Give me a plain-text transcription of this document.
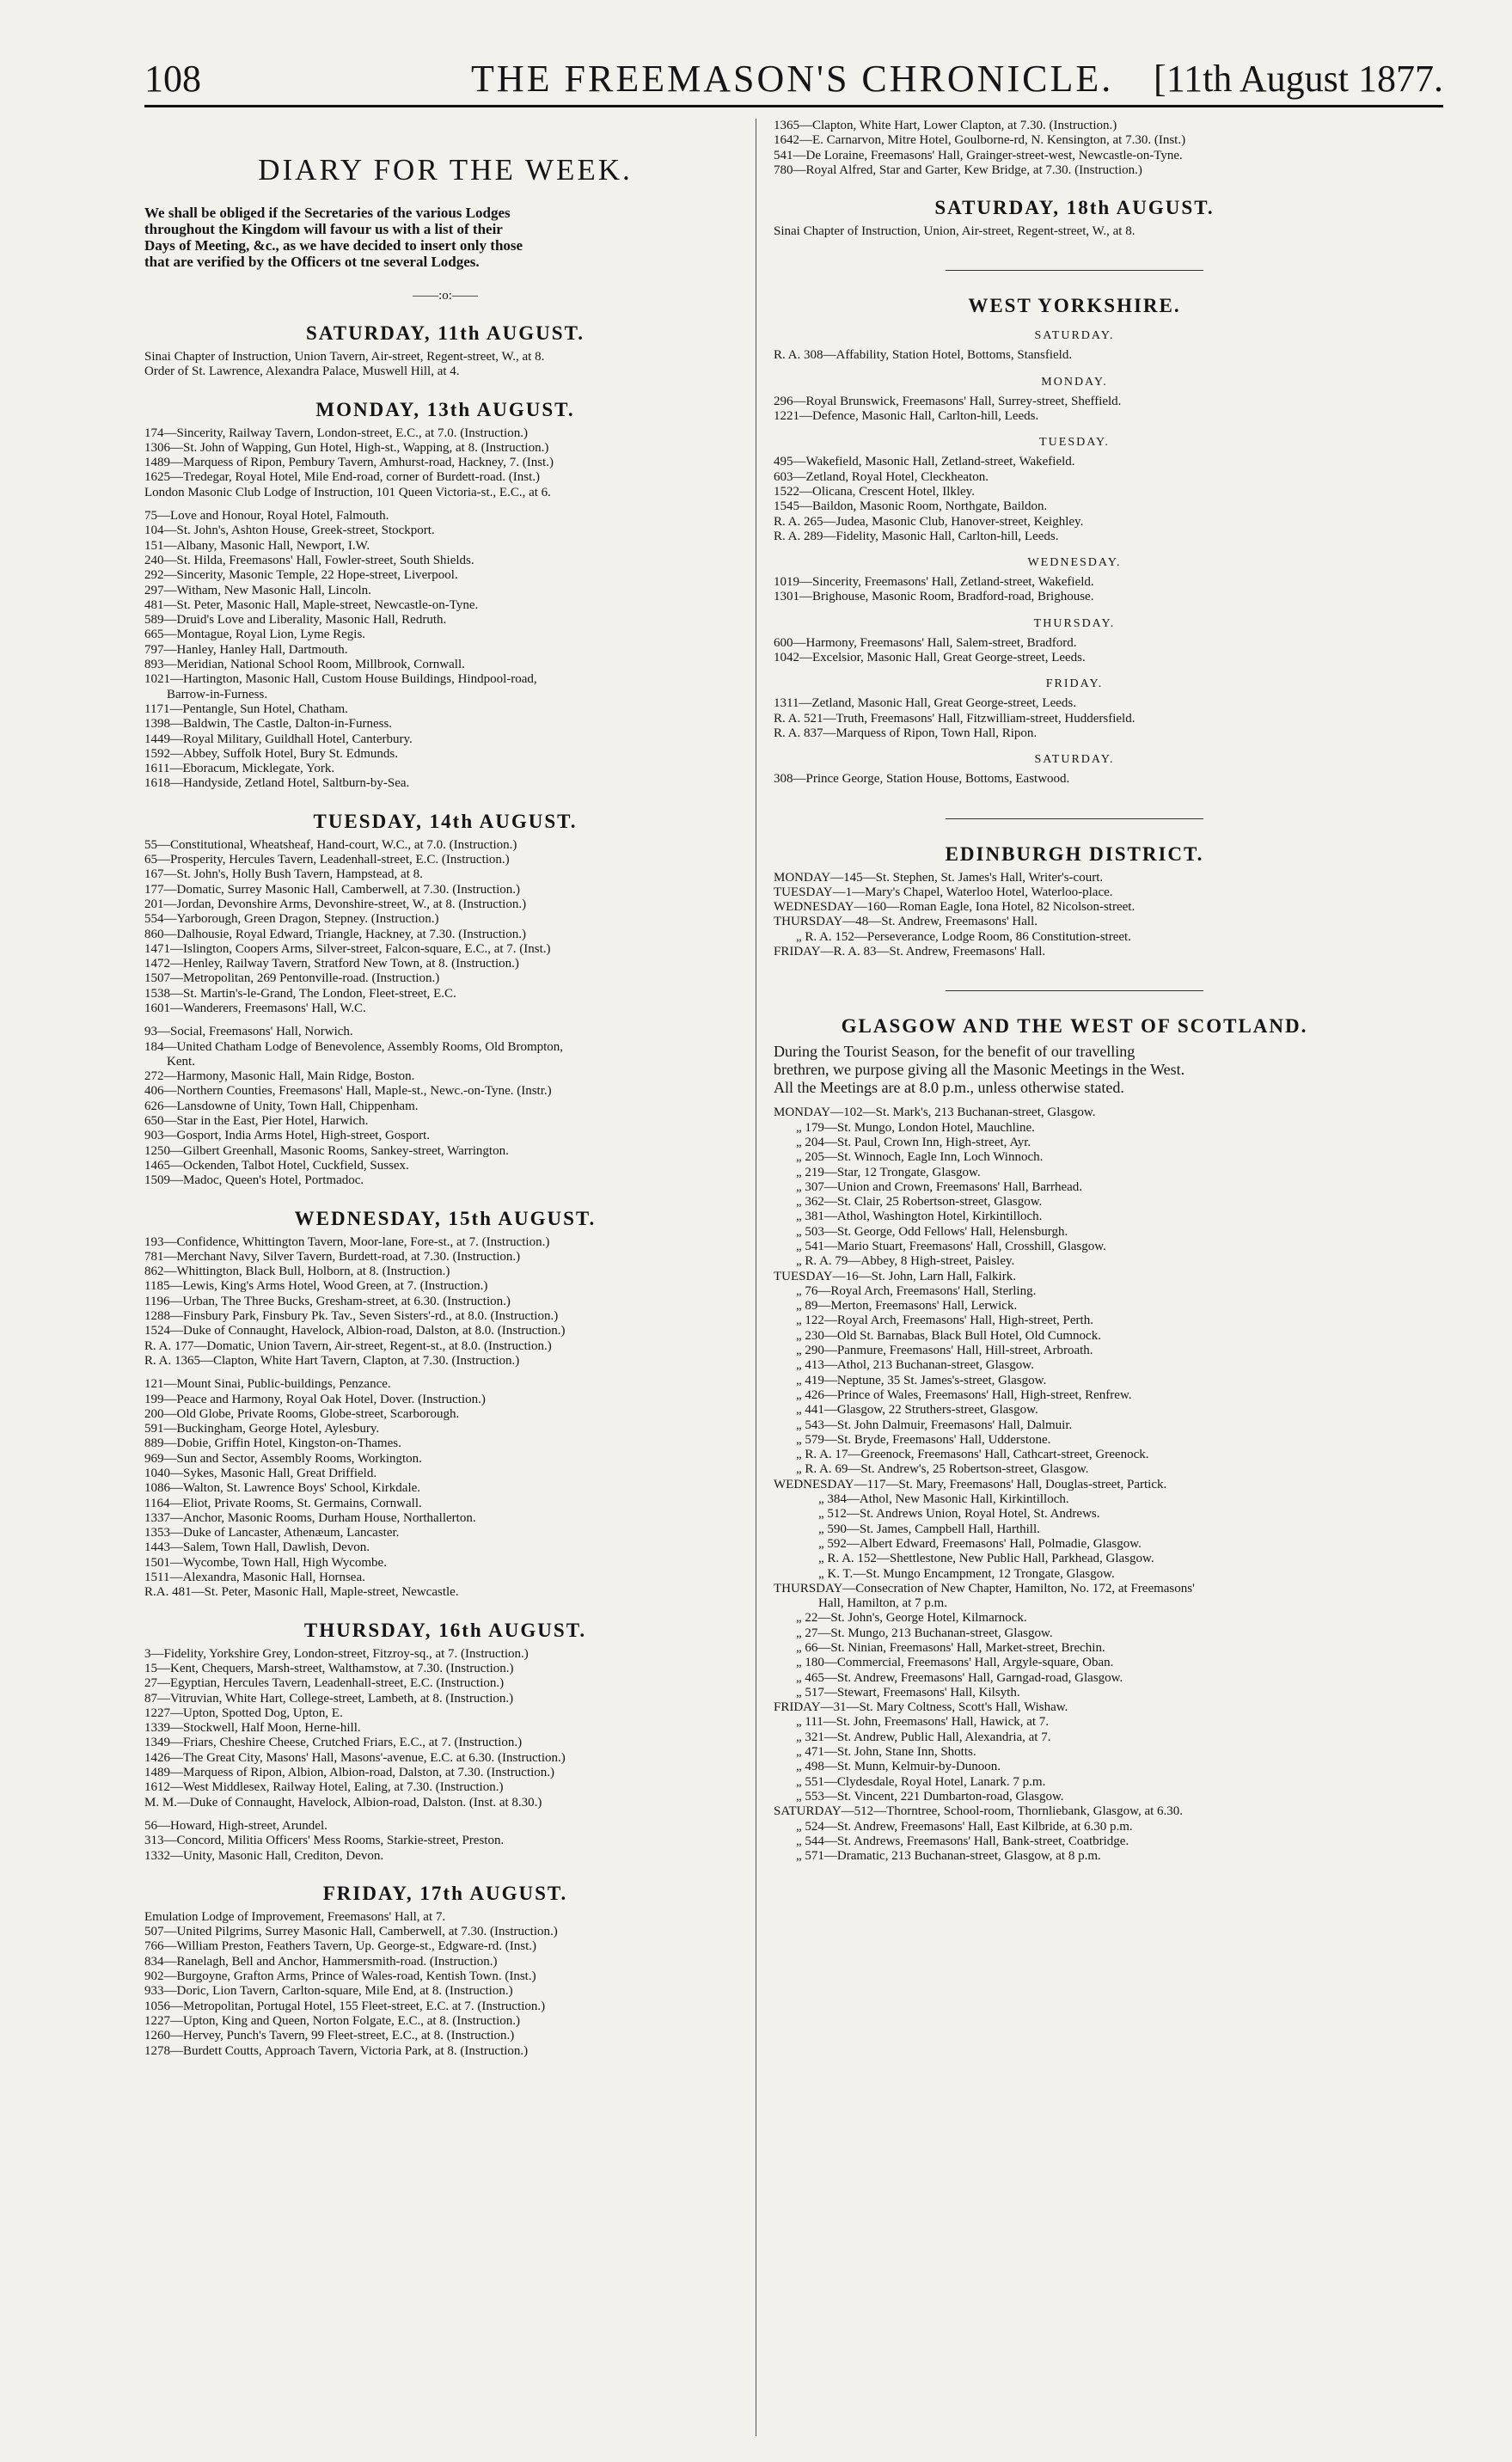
108	THE FREEMASON'S CHRONICLE. [11th August 1877.
DIARY FOR THE WEEK.
We shall be obliged if the Secretaries of the various Lodges
throughout the Kingdom will favour us with a list of their
Days of Meeting, &c., as we have decided to insert only those
that are verified by the Officers ot tne several Lodges.
——:o:——
SATURDAY, 11th AUGUST.
Sinai Chapter of Instruction, Union Tavern, Air-street, Regent-street, W., at 8.
Order of St. Lawrence, Alexandra Palace, Muswell Hill, at 4.
MONDAY, 13th AUGUST.
174—Sincerity, Railway Tavern, London-street, E.C., at 7.0. (Instruction.)
1306—St. John of Wapping, Gun Hotel, High-st., Wapping, at 8. (Instruction.)
1489—Marquess of Ripon, Pembury Tavern, Amhurst-road, Hackney, 7. (Inst.)
1625—Tredegar, Royal Hotel, Mile End-road, corner of Burdett-road. (Inst.)
London Masonic Club Lodge of Instruction, 101 Queen Victoria-st., E.C., at 6.
75—Love and Honour, Royal Hotel, Falmouth.
104—St. John's, Ashton House, Greek-street, Stockport.
151—Albany, Masonic Hall, Newport, I.W.
240—St. Hilda, Freemasons' Hall, Fowler-street, South Shields.
292—Sincerity, Masonic Temple, 22 Hope-street, Liverpool.
297—Witham, New Masonic Hall, Lincoln.
481—St. Peter, Masonic Hall, Maple-street, Newcastle-on-Tyne.
589—Druid's Love and Liberality, Masonic Hall, Redruth.
665—Montague, Royal Lion, Lyme Regis.
797—Hanley, Hanley Hall, Dartmouth.
893—Meridian, National School Room, Millbrook, Cornwall.
1021—Hartington, Masonic Hall, Custom House Buildings, Hindpool-road,
Barrow-in-Furness.
1171—Pentangle, Sun Hotel, Chatham.
1398—Baldwin, The Castle, Dalton-in-Furness.
1449—Royal Military, Guildhall Hotel, Canterbury.
1592—Abbey, Suffolk Hotel, Bury St. Edmunds.
1611—Eboracum, Micklegate, York.
1618—Handyside, Zetland Hotel, Saltburn-by-Sea.
TUESDAY, 14th AUGUST.
55—Constitutional, Wheatsheaf, Hand-court, W.C., at 7.0. (Instruction.)
65—Prosperity, Hercules Tavern, Leadenhall-street, E.C. (Instruction.)
167—St. John's, Holly Bush Tavern, Hampstead, at 8.
177—Domatic, Surrey Masonic Hall, Camberwell, at 7.30. (Instruction.)
201—Jordan, Devonshire Arms, Devonshire-street, W., at 8. (Instruction.)
554—Yarborough, Green Dragon, Stepney. (Instruction.)
860—Dalhousie, Royal Edward, Triangle, Hackney, at 7.30. (Instruction.)
1471—Islington, Coopers Arms, Silver-street, Falcon-square, E.C., at 7. (Inst.)
1472—Henley, Railway Tavern, Stratford New Town, at 8. (Instruction.)
1507—Metropolitan, 269 Pentonville-road. (Instruction.)
1538—St. Martin's-le-Grand, The London, Fleet-street, E.C.
1601—Wanderers, Freemasons' Hall, W.C.
93—Social, Freemasons' Hall, Norwich.
184—United Chatham Lodge of Benevolence, Assembly Rooms, Old Brompton,
Kent.
272—Harmony, Masonic Hall, Main Ridge, Boston.
406—Northern Counties, Freemasons' Hall, Maple-st., Newc.-on-Tyne. (Instr.)
626—Lansdowne of Unity, Town Hall, Chippenham.
650—Star in the East, Pier Hotel, Harwich.
903—Gosport, India Arms Hotel, High-street, Gosport.
1250—Gilbert Greenhall, Masonic Rooms, Sankey-street, Warrington.
1465—Ockenden, Talbot Hotel, Cuckfield, Sussex.
1509—Madoc, Queen's Hotel, Portmadoc.
WEDNESDAY, 15th AUGUST.
193—Confidence, Whittington Tavern, Moor-lane, Fore-st., at 7. (Instruction.)
781—Merchant Navy, Silver Tavern, Burdett-road, at 7.30. (Instruction.)
862—Whittington, Black Bull, Holborn, at 8. (Instruction.)
1185—Lewis, King's Arms Hotel, Wood Green, at 7. (Instruction.)
1196—Urban, The Three Bucks, Gresham-street, at 6.30. (Instruction.)
1288—Finsbury Park, Finsbury Pk. Tav., Seven Sisters'-rd., at 8.0. (Instruction.)
1524—Duke of Connaught, Havelock, Albion-road, Dalston, at 8.0. (Instruction.)
R. A. 177—Domatic, Union Tavern, Air-street, Regent-st., at 8.0. (Instruction.)
R. A. 1365—Clapton, White Hart Tavern, Clapton, at 7.30. (Instruction.)
121—Mount Sinai, Public-buildings, Penzance.
199—Peace and Harmony, Royal Oak Hotel, Dover. (Instruction.)
200—Old Globe, Private Rooms, Globe-street, Scarborough.
591—Buckingham, George Hotel, Aylesbury.
889—Dobie, Griffin Hotel, Kingston-on-Thames.
969—Sun and Sector, Assembly Rooms, Workington.
1040—Sykes, Masonic Hall, Great Driffield.
1086—Walton, St. Lawrence Boys' School, Kirkdale.
1164—Eliot, Private Rooms, St. Germains, Cornwall.
1337—Anchor, Masonic Rooms, Durham House, Northallerton.
1353—Duke of Lancaster, Athenæum, Lancaster.
1443—Salem, Town Hall, Dawlish, Devon.
1501—Wycombe, Town Hall, High Wycombe.
1511—Alexandra, Masonic Hall, Hornsea.
R.A. 481—St. Peter, Masonic Hall, Maple-street, Newcastle.
THURSDAY, 16th AUGUST.
3—Fidelity, Yorkshire Grey, London-street, Fitzroy-sq., at 7. (Instruction.)
15—Kent, Chequers, Marsh-street, Walthamstow, at 7.30. (Instruction.)
27—Egyptian, Hercules Tavern, Leadenhall-street, E.C. (Instruction.)
87—Vitruvian, White Hart, College-street, Lambeth, at 8. (Instruction.)
1227—Upton, Spotted Dog, Upton, E.
1339—Stockwell, Half Moon, Herne-hill.
1349—Friars, Cheshire Cheese, Crutched Friars, E.C., at 7. (Instruction.)
1426—The Great City, Masons' Hall, Masons'-avenue, E.C. at 6.30. (Instruction.)
1489—Marquess of Ripon, Albion, Albion-road, Dalston, at 7.30. (Instruction.)
1612—West Middlesex, Railway Hotel, Ealing, at 7.30. (Instruction.)
M. M.—Duke of Connaught, Havelock, Albion-road, Dalston. (Inst. at 8.30.)
56—Howard, High-street, Arundel.
313—Concord, Militia Officers' Mess Rooms, Starkie-street, Preston.
1332—Unity, Masonic Hall, Crediton, Devon.
FRIDAY, 17th AUGUST.
Emulation Lodge of Improvement, Freemasons' Hall, at 7.
507—United Pilgrims, Surrey Masonic Hall, Camberwell, at 7.30. (Instruction.)
766—William Preston, Feathers Tavern, Up. George-st., Edgware-rd. (Inst.)
834—Ranelagh, Bell and Anchor, Hammersmith-road. (Instruction.)
902—Burgoyne, Grafton Arms, Prince of Wales-road, Kentish Town. (Inst.)
933—Doric, Lion Tavern, Carlton-square, Mile End, at 8. (Instruction.)
1056—Metropolitan, Portugal Hotel, 155 Fleet-street, E.C. at 7. (Instruction.)
1227—Upton, King and Queen, Norton Folgate, E.C., at 8. (Instruction.)
1260—Hervey, Punch's Tavern, 99 Fleet-street, E.C., at 8. (Instruction.)
1278—Burdett Coutts, Approach Tavern, Victoria Park, at 8. (Instruction.)
1365—Clapton, White Hart, Lower Clapton, at 7.30. (Instruction.)
1642—E. Carnarvon, Mitre Hotel, Goulborne-rd, N. Kensington, at 7.30. (Inst.)
541—De Loraine, Freemasons' Hall, Grainger-street-west, Newcastle-on-Tyne.
780—Royal Alfred, Star and Garter, Kew Bridge, at 7.30. (Instruction.)
SATURDAY, 18th AUGUST.
Sinai Chapter of Instruction, Union, Air-street, Regent-street, W., at 8.
WEST YORKSHIRE.
SATURDAY.
R. A. 308—Affability, Station Hotel, Bottoms, Stansfield.
MONDAY.
296—Royal Brunswick, Freemasons' Hall, Surrey-street, Sheffield.
1221—Defence, Masonic Hall, Carlton-hill, Leeds.
TUESDAY.
495—Wakefield, Masonic Hall, Zetland-street, Wakefield.
603—Zetland, Royal Hotel, Cleckheaton.
1522—Olicana, Crescent Hotel, Ilkley.
1545—Baildon, Masonic Room, Northgate, Baildon.
R. A. 265—Judea, Masonic Club, Hanover-street, Keighley.
R. A. 289—Fidelity, Masonic Hall, Carlton-hill, Leeds.
WEDNESDAY.
1019—Sincerity, Freemasons' Hall, Zetland-street, Wakefield.
1301—Brighouse, Masonic Room, Bradford-road, Brighouse.
THURSDAY.
600—Harmony, Freemasons' Hall, Salem-street, Bradford.
1042—Excelsior, Masonic Hall, Great George-street, Leeds.
FRIDAY.
1311—Zetland, Masonic Hall, Great George-street, Leeds.
R. A. 521—Truth, Freemasons' Hall, Fitzwilliam-street, Huddersfield.
R. A. 837—Marquess of Ripon, Town Hall, Ripon.
SATURDAY.
308—Prince George, Station House, Bottoms, Eastwood.
EDINBURGH DISTRICT.
MONDAY—145—St. Stephen, St. James's Hall, Writer's-court.
TUESDAY—1—Mary's Chapel, Waterloo Hotel, Waterloo-place.
WEDNESDAY—160—Roman Eagle, Iona Hotel, 82 Nicolson-street.
THURSDAY—48—St. Andrew, Freemasons' Hall.
„ R. A. 152—Perseverance, Lodge Room, 86 Constitution-street.
FRIDAY—R. A. 83—St. Andrew, Freemasons' Hall.
GLASGOW AND THE WEST OF SCOTLAND.
During the Tourist Season, for the benefit of our travelling
brethren, we purpose giving all the Masonic Meetings in the West.
All the Meetings are at 8.0 p.m., unless otherwise stated.
MONDAY—102—St. Mark's, 213 Buchanan-street, Glasgow.
„ 179—St. Mungo, London Hotel, Mauchline.
„ 204—St. Paul, Crown Inn, High-street, Ayr.
„ 205—St. Winnoch, Eagle Inn, Loch Winnoch.
„ 219—Star, 12 Trongate, Glasgow.
„ 307—Union and Crown, Freemasons' Hall, Barrhead.
„ 362—St. Clair, 25 Robertson-street, Glasgow.
„ 381—Athol, Washington Hotel, Kirkintilloch.
„ 503—St. George, Odd Fellows' Hall, Helensburgh.
„ 541—Mario Stuart, Freemasons' Hall, Crosshill, Glasgow.
„ R. A. 79—Abbey, 8 High-street, Paisley.
TUESDAY—16—St. John, Larn Hall, Falkirk.
„ 76—Royal Arch, Freemasons' Hall, Sterling.
„ 89—Merton, Freemasons' Hall, Lerwick.
„ 122—Royal Arch, Freemasons' Hall, High-street, Perth.
„ 230—Old St. Barnabas, Black Bull Hotel, Old Cumnock.
„ 290—Panmure, Freemasons' Hall, Hill-street, Arbroath.
„ 413—Athol, 213 Buchanan-street, Glasgow.
„ 419—Neptune, 35 St. James's-street, Glasgow.
„ 426—Prince of Wales, Freemasons' Hall, High-street, Renfrew.
„ 441—Glasgow, 22 Struthers-street, Glasgow.
„ 543—St. John Dalmuir, Freemasons' Hall, Dalmuir.
„ 579—St. Bryde, Freemasons' Hall, Udderstone.
„ R. A. 17—Greenock, Freemasons' Hall, Cathcart-street, Greenock.
„ R. A. 69—St. Andrew's, 25 Robertson-street, Glasgow.
WEDNESDAY—117—St. Mary, Freemasons' Hall, Douglas-street, Partick.
„ 384—Athol, New Masonic Hall, Kirkintilloch.
„ 512—St. Andrews Union, Royal Hotel, St. Andrews.
„ 590—St. James, Campbell Hall, Harthill.
„ 592—Albert Edward, Freemasons' Hall, Polmadie, Glasgow.
„ R. A. 152—Shettlestone, New Public Hall, Parkhead, Glasgow.
„ K. T.—St. Mungo Encampment, 12 Trongate, Glasgow.
THURSDAY—Consecration of New Chapter, Hamilton, No. 172, at Freemasons'
Hall, Hamilton, at 7 p.m.
„ 22—St. John's, George Hotel, Kilmarnock.
„ 27—St. Mungo, 213 Buchanan-street, Glasgow.
„ 66—St. Ninian, Freemasons' Hall, Market-street, Brechin.
„ 180—Commercial, Freemasons' Hall, Argyle-square, Oban.
„ 465—St. Andrew, Freemasons' Hall, Garngad-road, Glasgow.
„ 517—Stewart, Freemasons' Hall, Kilsyth.
FRIDAY—31—St. Mary Coltness, Scott's Hall, Wishaw.
„ 111—St. John, Freemasons' Hall, Hawick, at 7.
„ 321—St. Andrew, Public Hall, Alexandria, at 7.
„ 471—St. John, Stane Inn, Shotts.
„ 498—St. Munn, Kelmuir-by-Dunoon.
„ 551—Clydesdale, Royal Hotel, Lanark. 7 p.m.
„ 553—St. Vincent, 221 Dumbarton-road, Glasgow.
SATURDAY—512—Thorntree, School-room, Thornliebank, Glasgow, at 6.30.
„ 524—St. Andrew, Freemasons' Hall, East Kilbride, at 6.30 p.m.
„ 544—St. Andrews, Freemasons' Hall, Bank-street, Coatbridge.
„ 571—Dramatic, 213 Buchanan-street, Glasgow, at 8 p.m.
